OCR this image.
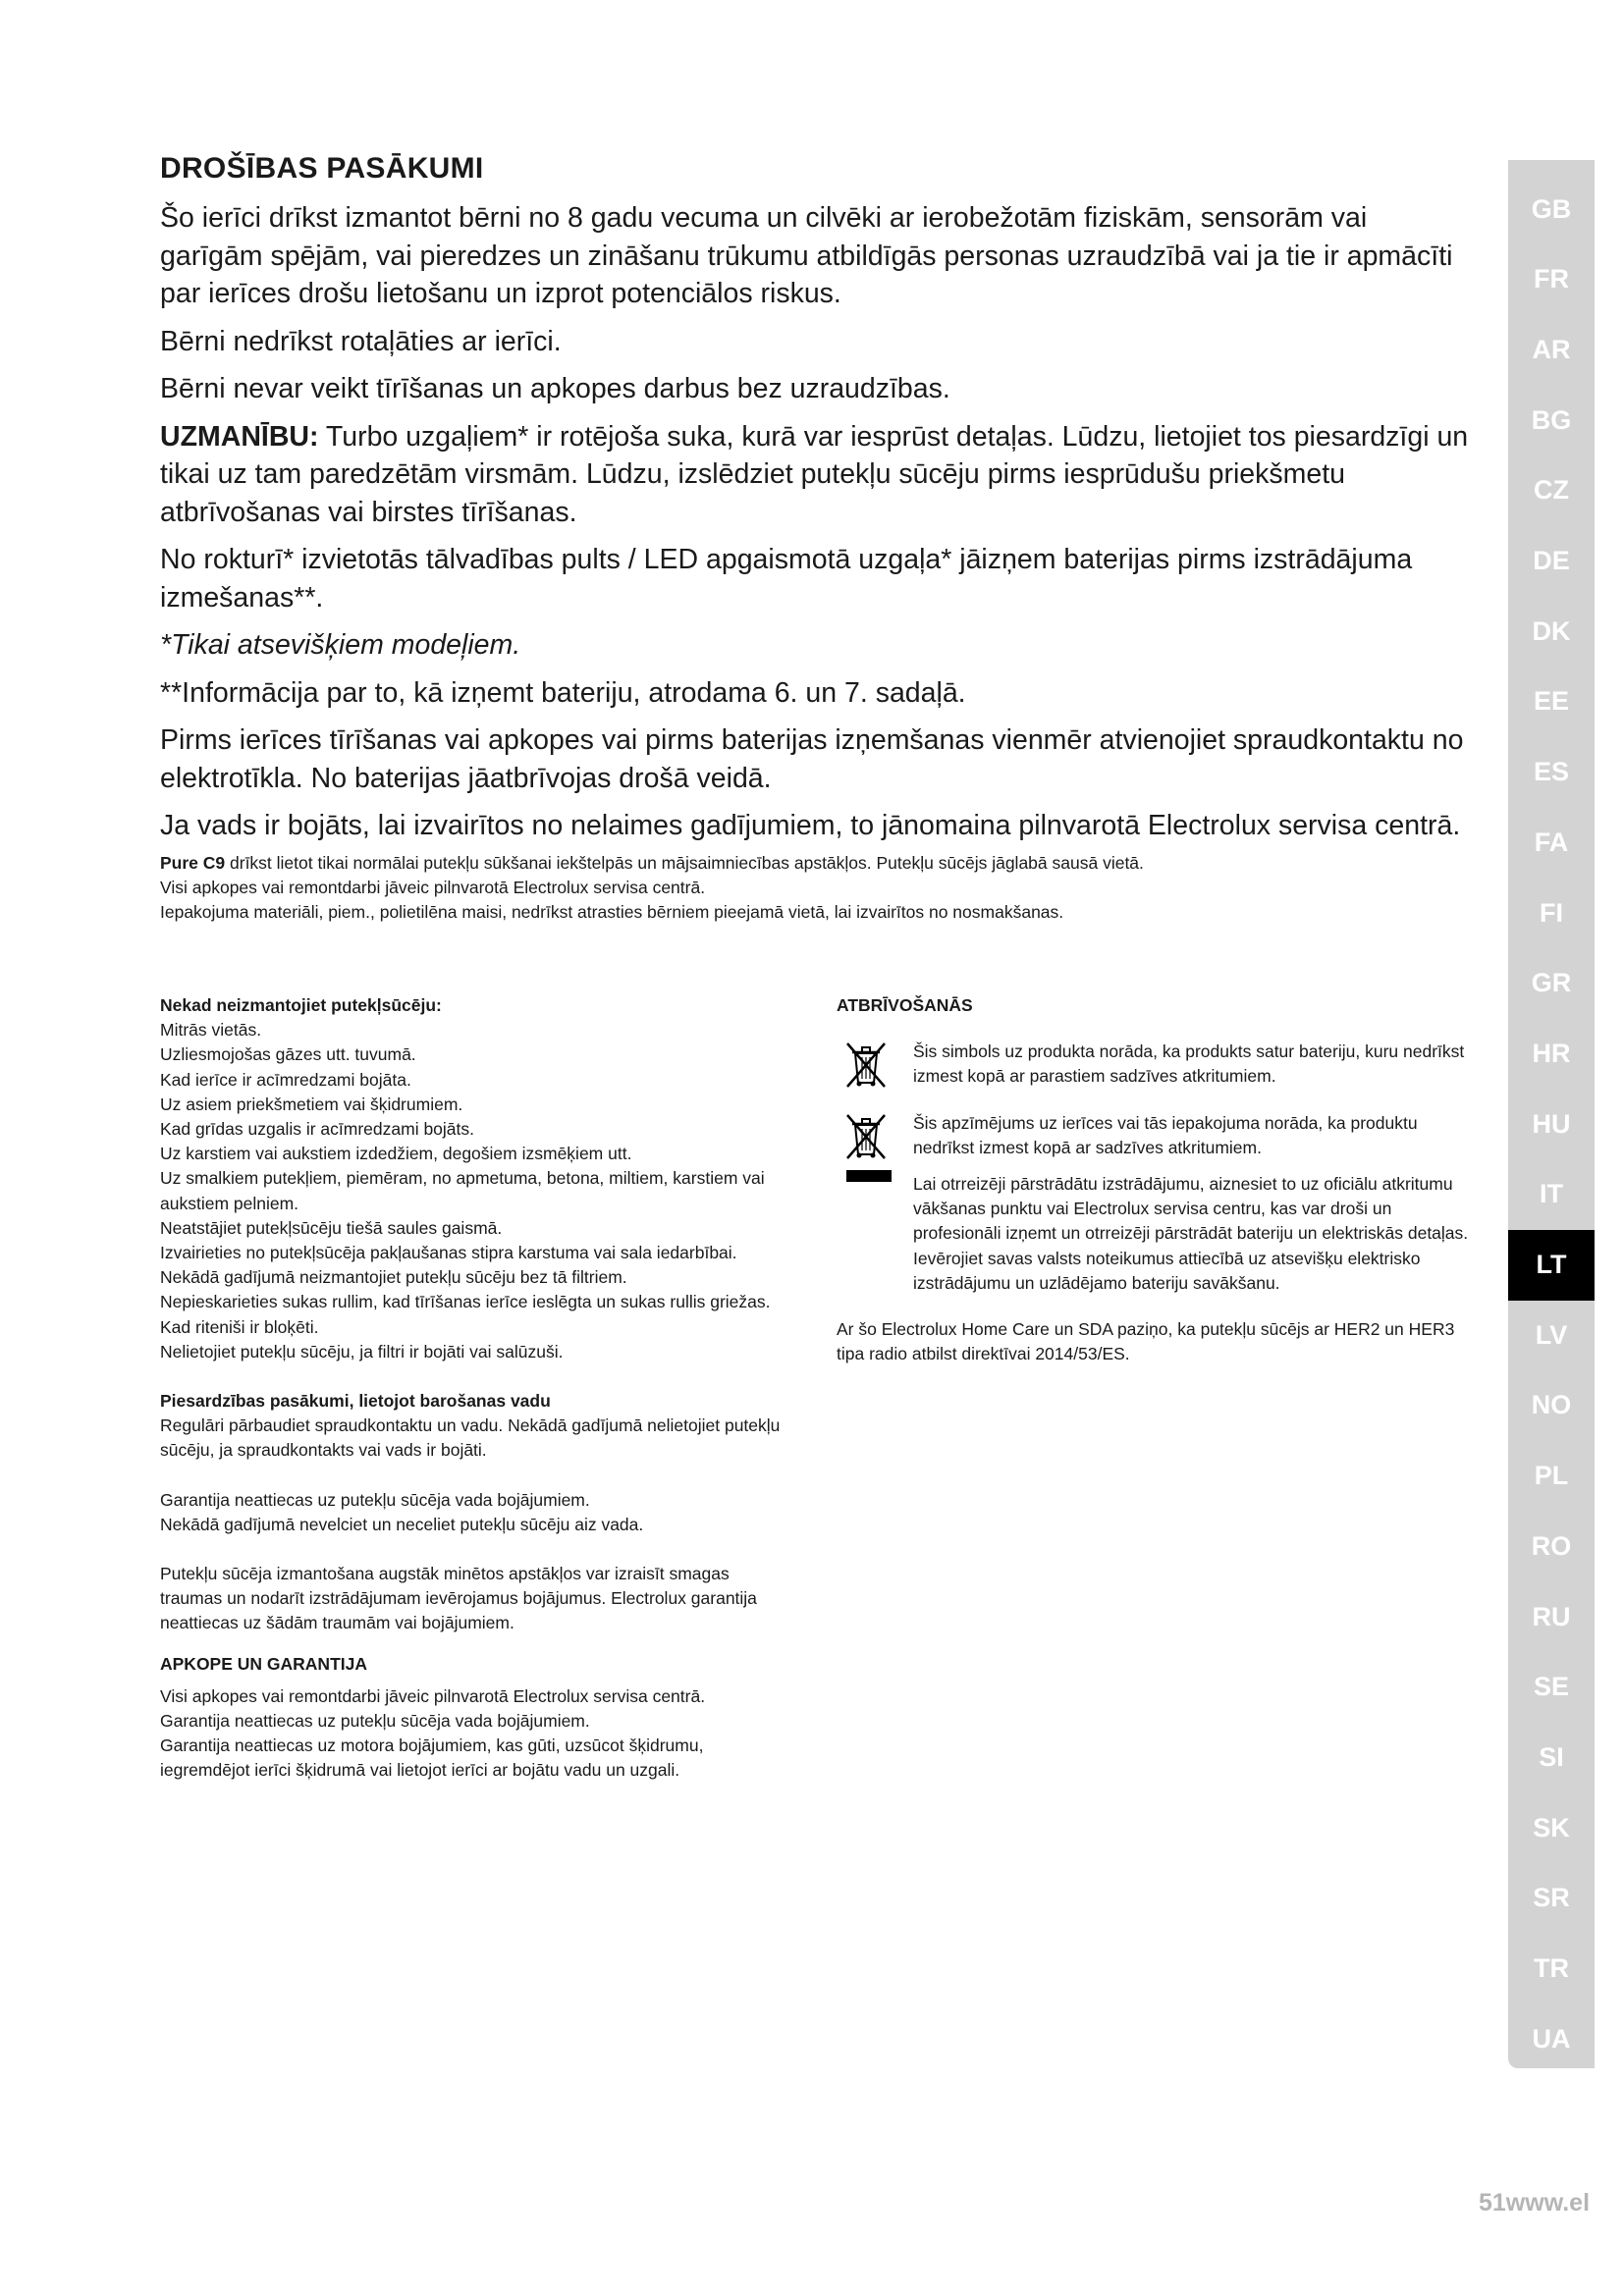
DROŠĪBAS PASĀKUMI

Šo ierīci drīkst izmantot bērni no 8 gadu vecuma un cilvēki ar ierobežotām fiziskām, sensorām vai garīgām spējām, vai pieredzes un zināšanu trūkumu atbildīgās personas uzraudzībā vai ja tie ir apmācīti par ierīces drošu lietošanu un izprot potenciālos riskus.

Bērni nedrīkst rotaļāties ar ierīci.

Bērni nevar veikt tīrīšanas un apkopes darbus bez uzraudzības.

UZMANĪBU: Turbo uzgaļiem* ir rotējoša suka, kurā var iesprūst detaļas. Lūdzu, lietojiet tos piesardzīgi un tikai uz tam paredzētām virsmām. Lūdzu, izslēdziet putekļu sūcēju pirms iesprūdušu priekšmetu atbrīvošanas vai birstes tīrīšanas.

No rokturī* izvietotās tālvadības pults / LED apgaismotā uzgaļa* jāizņem baterijas pirms izstrādājuma izmešanas**.

*Tikai atsevišķiem modeļiem.

**Informācija par to, kā izņemt bateriju, atrodama 6. un 7. sadaļā.

Pirms ierīces tīrīšanas vai apkopes vai pirms baterijas izņemšanas vienmēr atvienojiet spraudkontaktu no elektrotīkla. No baterijas jāatbrīvojas drošā veidā.

Ja vads ir bojāts, lai izvairītos no nelaimes gadījumiem, to jānomaina pilnvarotā Electrolux servisa centrā.

Pure C9 drīkst lietot tikai normālai putekļu sūkšanai iekštelpās un mājsaimniecības apstākļos. Putekļu sūcējs jāglabā sausā vietā.

Visi apkopes vai remontdarbi jāveic pilnvarotā Electrolux servisa centrā.

Iepakojuma materiāli, piem., polietilēna maisi, nedrīkst atrasties bērniem pieejamā vietā, lai izvairītos no nosmakšanas.

Nekad neizmantojiet putekļsūcēju:

Mitrās vietās.

Uzliesmojošas gāzes utt. tuvumā.

Kad ierīce ir acīmredzami bojāta.

Uz asiem priekšmetiem vai šķidrumiem.

Kad grīdas uzgalis ir acīmredzami bojāts.

Uz karstiem vai aukstiem izdedžiem, degošiem izsmēķiem utt.

Uz smalkiem putekļiem, piemēram, no apmetuma, betona, miltiem, karstiem vai aukstiem pelniem.

Neatstājiet putekļsūcēju tiešā saules gaismā.

Izvairieties no putekļsūcēja pakļaušanas stipra karstuma vai sala iedarbībai.

Nekādā gadījumā neizmantojiet putekļu sūcēju bez tā filtriem.

Nepieskarieties sukas rullim, kad tīrīšanas ierīce ieslēgta un sukas rullis griežas.

Kad riteniši ir bloķēti.

Nelietojiet putekļu sūcēju, ja filtri ir bojāti vai salūzuši.

Piesardzības pasākumi, lietojot barošanas vadu

Regulāri pārbaudiet spraudkontaktu un vadu. Nekādā gadījumā nelietojiet putekļu sūcēju, ja spraudkontakts vai vads ir bojāti.

Garantija neattiecas uz putekļu sūcēja vada bojājumiem.

Nekādā gadījumā nevelciet un neceliet putekļu sūcēju aiz vada.

Putekļu sūcēja izmantošana augstāk minētos apstākļos var izraisīt smagas traumas un nodarīt izstrādājumam ievērojamus bojājumus. Electrolux garantija neattiecas uz šādām traumām vai bojājumiem.

APKOPE UN GARANTIJA

Visi apkopes vai remontdarbi jāveic pilnvarotā Electrolux servisa centrā.

Garantija neattiecas uz putekļu sūcēja vada bojājumiem.

Garantija neattiecas uz motora bojājumiem, kas gūti, uzsūcot šķidrumu, iegremdējot ierīci šķidrumā vai lietojot ierīci ar bojātu vadu un uzgali.

ATBRĪVOŠANĀS

Šis simbols uz produkta norāda, ka produkts satur bateriju, kuru nedrīkst izmest kopā ar parastiem sadzīves atkritumiem.

Šis apzīmējums uz ierīces vai tās iepakojuma norāda, ka produktu nedrīkst izmest kopā ar sadzīves atkritumiem.

Lai otrreizēji pārstrādātu izstrādājumu, aiznesiet to uz oficiālu atkritumu vākšanas punktu vai Electrolux servisa centru, kas var droši un profesionāli izņemt un otrreizēji pārstrādāt bateriju un elektriskās detaļas. Ievērojiet savas valsts noteikumus attiecībā uz atsevišķu elektrisko izstrādājumu un uzlādējamo bateriju savākšanu.

Ar šo Electrolux Home Care un SDA paziņo, ka putekļu sūcējs ar HER2 un HER3 tipa radio atbilst direktīvai 2014/53/ES.

GB
FR
AR
BG
CZ
DE
DK
EE
ES
FA
FI
GR
HR
HU
IT
LT
LV
NO
PL
RO
RU
SE
SI
SK
SR
TR
UA
51www.el
